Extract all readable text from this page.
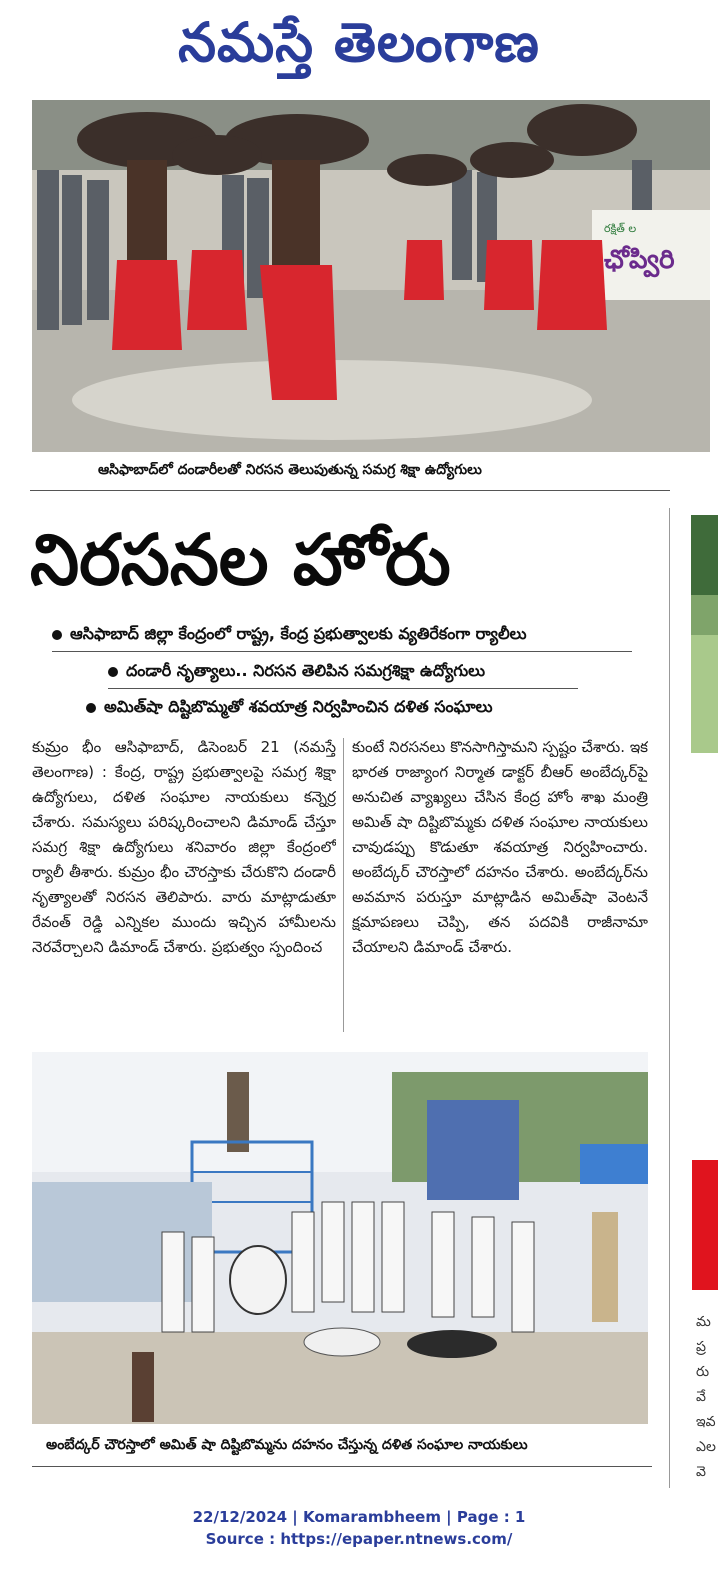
నమస్తే తెలంగాణ
రక్షిత్ ల
ఛోప్విరి
ఆసిఫాబాద్‌లో దండారీలతో నిరసన తెలుపుతున్న సమగ్ర శిక్షా ఉద్యోగులు
నిరసనల హోరు
ఆసిఫాబాద్ జిల్లా కేంద్రంలో రాష్ట్ర, కేంద్ర ప్రభుత్వాలకు వ్యతిరేకంగా ర్యాలీలు
దండారీ నృత్యాలు.. నిరసన తెలిపిన సమగ్రశిక్షా ఉద్యోగులు
అమిత్‌షా దిష్టిబొమ్మతో శవయాత్ర నిర్వహించిన దళిత సంఘాలు
కుమ్రం భీం ఆసిఫాబాద్, డిసెంబర్ 21 (నమస్తే తెలంగాణ) : కేంద్ర, రాష్ట్ర ప్రభుత్వాలపై సమగ్ర శిక్షా ఉద్యోగులు, దళిత సంఘాల నాయకులు కన్నెర్ర చేశారు. సమస్యలు పరిష్కరించాలని డిమాండ్ చేస్తూ సమగ్ర శిక్షా ఉద్యోగులు శనివారం జిల్లా కేంద్రంలో ర్యాలీ తీశారు. కుమ్రం భీం చౌరస్తాకు చేరుకొని దండారీ నృత్యాలతో నిరసన తెలిపారు. వారు మాట్లాడుతూ రేవంత్ రెడ్డి ఎన్నికల ముందు ఇచ్చిన హామీలను నెరవేర్చాలని డిమాండ్ చేశారు. ప్రభుత్వం స్పందించ
కుంటే నిరసనలు కొనసాగిస్తామని స్పష్టం చేశారు. ఇక భారత రాజ్యాంగ నిర్మాత డాక్టర్ బీఆర్ అంబేద్కర్‌పై అనుచిత వ్యాఖ్యలు చేసిన కేంద్ర హోం శాఖ మంత్రి అమిత్ షా దిష్టిబొమ్మకు దళిత సంఘాల నాయకులు చావుడప్పు కొడుతూ శవయాత్ర నిర్వహించారు. అంబేద్కర్ చౌరస్తాలో దహనం చేశారు. అంబేద్కర్‌ను అవమాన పరుస్తూ మాట్లాడిన అమిత్‌షా వెంటనే క్షమాపణలు చెప్పి, తన పదవికి రాజీనామా చేయాలని డిమాండ్ చేశారు.
అంబేద్కర్ చౌరస్తాలో అమిత్ షా దిష్టిబొమ్మను దహనం చేస్తున్న దళిత సంఘాల నాయకులు
మ
ప్ర
రు
వే
ఇవ
ఎల
వె
22/12/2024 | Komarambheem | Page : 1
Source : https://epaper.ntnews.com/
